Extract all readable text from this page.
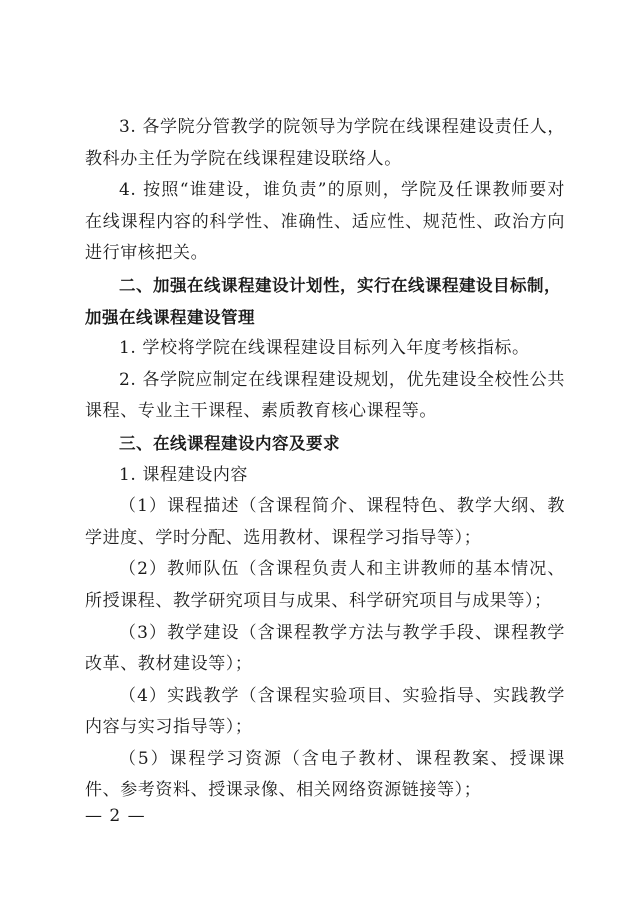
3. 各学院分管教学的院领导为学院在线课程建设责任人，教科办主任为学院在线课程建设联络人。

4. 按照“谁建设，谁负责”的原则，学院及任课教师要对在线课程内容的科学性、准确性、适应性、规范性、政治方向进行审核把关。

二、加强在线课程建设计划性，实行在线课程建设目标制，加强在线课程建设管理

1. 学校将学院在线课程建设目标列入年度考核指标。

2. 各学院应制定在线课程建设规划，优先建设全校性公共课程、专业主干课程、素质教育核心课程等。

三、在线课程建设内容及要求

1. 课程建设内容

（1）课程描述（含课程简介、课程特色、教学大纲、教学进度、学时分配、选用教材、课程学习指导等）；

（2）教师队伍（含课程负责人和主讲教师的基本情况、所授课程、教学研究项目与成果、科学研究项目与成果等）；

（3）教学建设（含课程教学方法与教学手段、课程教学改革、教材建设等）；

（4）实践教学（含课程实验项目、实验指导、实践教学内容与实习指导等）；

（5）课程学习资源（含电子教材、课程教案、授课课件、参考资料、授课录像、相关网络资源链接等）；

— 2 —
